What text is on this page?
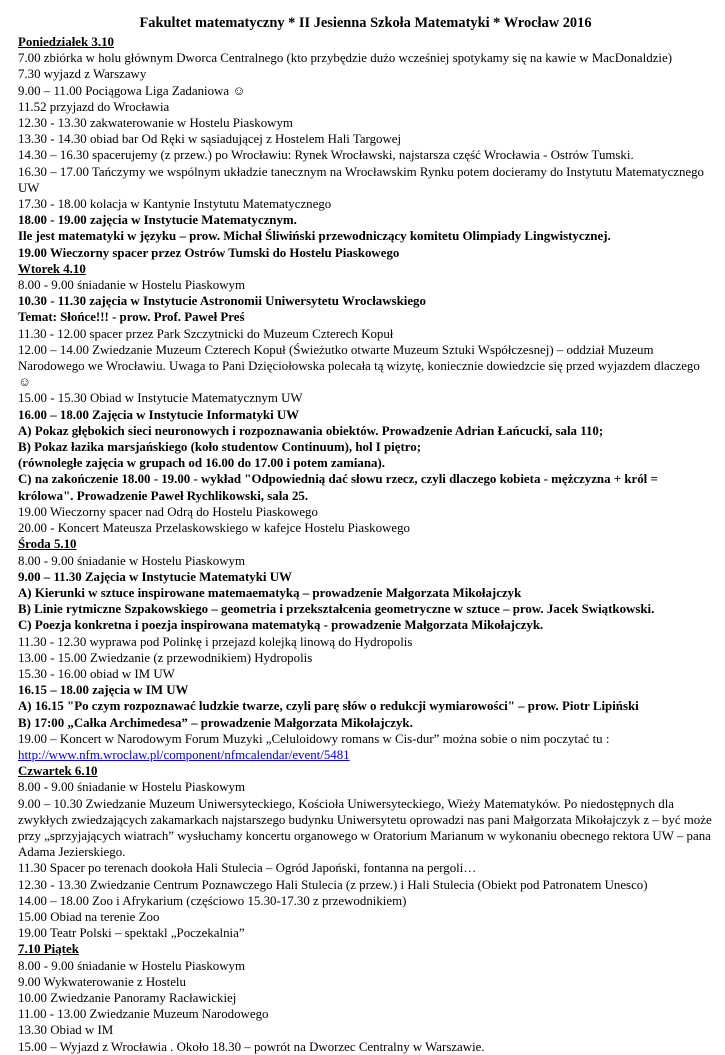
Fakultet matematyczny * II Jesienna Szkoła Matematyki * Wrocław 2016
Poniedziałek 3.10
7.00 zbiórka w holu głównym Dworca Centralnego (kto przybędzie dużo wcześniej spotykamy się na kawie w MacDonaldzie)
7.30 wyjazd z Warszawy
9.00 – 11.00 Pociągowa Liga Zadaniowa ☺
11.52 przyjazd do Wrocławia
12.30 - 13.30 zakwaterowanie w Hostelu Piaskowym
13.30 - 14.30 obiad bar Od Ręki w sąsiadującej z Hostelem Hali Targowej
14.30 – 16.30 spacerujemy (z przew.) po Wrocławiu: Rynek Wrocławski, najstarsza część Wrocławia - Ostrów Tumski.
16.30 – 17.00 Tańczymy we wspólnym układzie tanecznym na Wrocławskim Rynku potem docieramy do Instytutu Matematycznego UW
17.30 - 18.00 kolacja w Kantynie Instytutu Matematycznego
18.00 - 19.00 zajęcia w Instytucie Matematycznym.
Ile jest matematyki w języku – prow. Michał Śliwiński przewodniczący komitetu Olimpiady Lingwistycznej.
19.00 Wieczorny spacer przez Ostrów Tumski do Hostelu Piaskowego
Wtorek 4.10
8.00 - 9.00 śniadanie w Hostelu Piaskowym
10.30 - 11.30 zajęcia w Instytucie Astronomii Uniwersytetu Wrocławskiego
Temat: Słońce!!! - prow. Prof. Paweł Preś
11.30 - 12.00 spacer przez Park Szczytnicki do Muzeum Czterech Kopuł
12.00 – 14.00 Zwiedzanie Muzeum Czterech Kopuł (Świeżutko otwarte Muzeum Sztuki Współczesnej) – oddział Muzeum Narodowego we Wrocławiu. Uwaga to Pani Dzięciołowska polecała tą wizytę, koniecznie dowiedzcie się przed wyjazdem dlaczego ☺
15.00 - 15.30 Obiad w Instytucie Matematycznym UW
16.00 – 18.00 Zajęcia w Instytucie Informatyki UW
A) Pokaz głębokich sieci neuronowych i rozpoznawania obiektów. Prowadzenie Adrian Łańcucki, sala 110;
B) Pokaz łazika marsjańskiego (koło studentow Continuum), hol I piętro;
(równoległe zajęcia w grupach od 16.00 do 17.00 i potem zamiana).
C) na zakończenie 18.00 - 19.00 - wykład "Odpowiednią dać słowu rzecz, czyli dlaczego kobieta - mężczyzna + król = królowa". Prowadzenie Paweł Rychlikowski, sala 25.
19.00 Wieczorny spacer nad Odrą do Hostelu Piaskowego
20.00 - Koncert Mateusza Przelaskowskiego w kafejce Hostelu Piaskowego
Środa 5.10
8.00 - 9.00 śniadanie w Hostelu Piaskowym
9.00 – 11.30 Zajęcia w Instytucie Matematyki UW
A) Kierunki w sztuce inspirowane matemaematyką – prowadzenie Małgorzata Mikołajczyk
B) Linie rytmiczne Szpakowskiego – geometria i przekształcenia geometryczne w sztuce – prow. Jacek Swiątkowski.
C) Poezja konkretna i poezja inspirowana matematyką - prowadzenie Małgorzata Mikołajczyk.
11.30 - 12.30 wyprawa pod Polinkę i przejazd kolejką linową do Hydropolis
13.00 - 15.00 Zwiedzanie (z przewodnikiem) Hydropolis
15.30 - 16.00 obiad w IM UW
16.15 – 18.00 zajęcia w IM UW
A) 16.15 "Po czym rozpoznawać ludzkie twarze, czyli parę słów o redukcji wymiarowości" – prow. Piotr Lipiński
B) 17:00 „Całka Archimedesa” – prowadzenie Małgorzata Mikołajczyk.
19.00 – Koncert w Narodowym Forum Muzyki „Celuloidowy romans w Cis-dur” można sobie o nim poczytać tu :
http://www.nfm.wroclaw.pl/component/nfmcalendar/event/5481
Czwartek 6.10
8.00 - 9.00 śniadanie w Hostelu Piaskowym
9.00 – 10.30 Zwiedzanie Muzeum Uniwersyteckiego, Kościoła Uniwersyteckiego, Wieży Matematyków. Po niedostępnych dla zwykłych zwiedzających zakamarkach najstarszego budynku Uniwersytetu oprowadzi nas pani Małgorzata Mikołajczyk z – być może przy „sprzyjających wiatrach” wysłuchamy koncertu organowego w Oratorium Marianum w wykonaniu obecnego rektora UW – pana Adama Jezierskiego.
11.30 Spacer po terenach dookoła Hali Stulecia – Ogród Japoński, fontanna na pergoli…
12.30 - 13.30 Zwiedzanie Centrum Poznawczego Hali Stulecia (z przew.) i Hali Stulecia (Obiekt pod Patronatem Unesco)
14.00 – 18.00 Zoo i Afrykarium (częściowo 15.30-17.30 z przewodnikiem)
15.00 Obiad na terenie Zoo
19.00 Teatr Polski – spektakl „Poczekalnia”
7.10 Piątek
8.00 - 9.00 śniadanie w Hostelu Piaskowym
9.00 Wykwaterowanie z Hostelu
10.00 Zwiedzanie Panoramy Racławickiej
11.00 - 13.00 Zwiedzanie Muzeum Narodowego
13.30 Obiad w IM
15.00 – Wyjazd z Wrocławia . Około 18.30 – powrót na Dworzec Centralny w Warszawie.
